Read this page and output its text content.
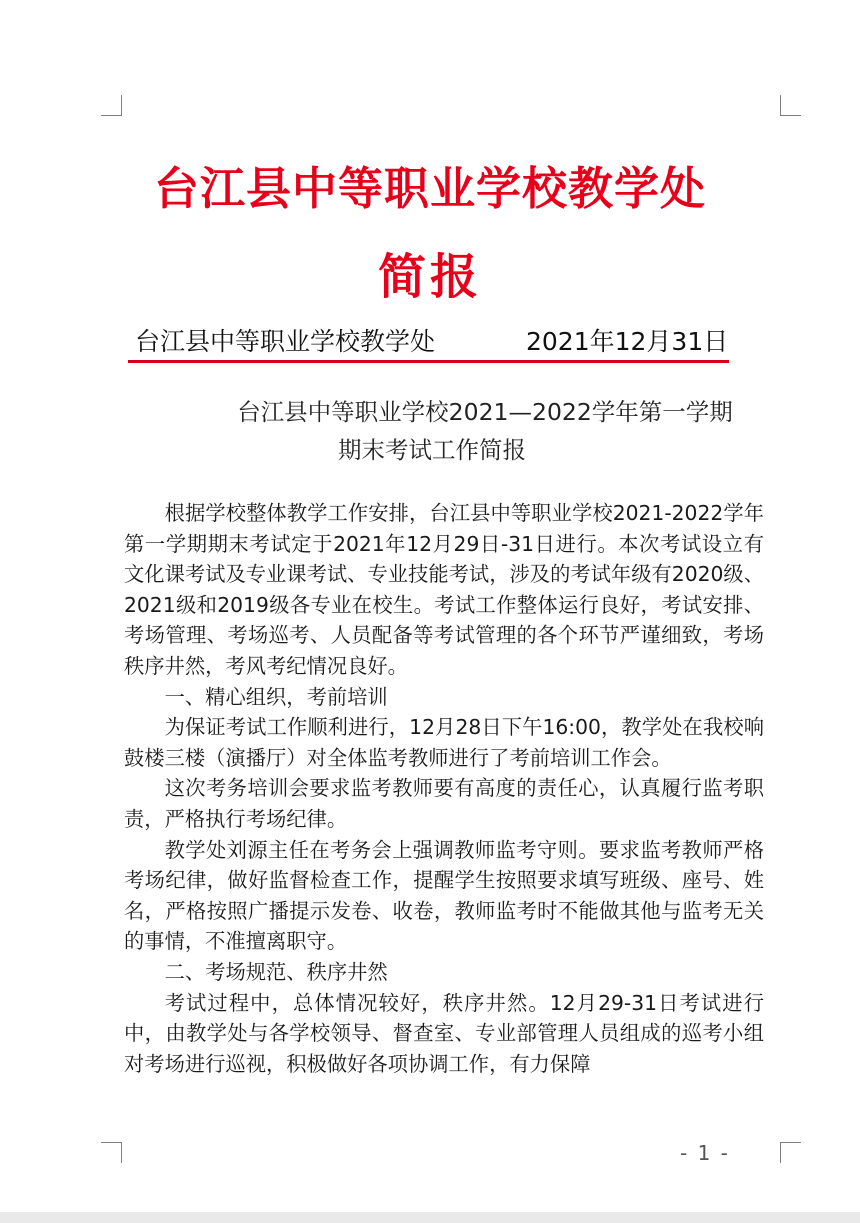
台江县中等职业学校教学处
简报
台江县中等职业学校教学处	2021年12月31日
台江县中等职业学校2021—2022学年第一学期
期末考试工作简报

根据学校整体教学工作安排，台江县中等职业学校2021-2022学年第一学期期末考试定于2021年12月29日-31日进行。本次考试设立有文化课考试及专业课考试、专业技能考试，涉及的考试年级有2020级、2021级和2019级各专业在校生。考试工作整体运行良好，考试安排、考场管理、考场巡考、人员配备等考试管理的各个环节严谨细致，考场秩序井然，考风考纪情况良好。

一、精心组织，考前培训

为保证考试工作顺利进行，12月28日下午16:00，教学处在我校响鼓楼三楼（演播厅）对全体监考教师进行了考前培训工作会。

这次考务培训会要求监考教师要有高度的责任心，认真履行监考职责，严格执行考场纪律。

教学处刘源主任在考务会上强调教师监考守则。要求监考教师严格考场纪律，做好监督检查工作，提醒学生按照要求填写班级、座号、姓名，严格按照广播提示发卷、收卷，教师监考时不能做其他与监考无关的事情，不准擅离职守。

二、考场规范、秩序井然

考试过程中，总体情况较好，秩序井然。12月29-31日考试进行中，由教学处与各学校领导、督查室、专业部管理人员组成的巡考小组对考场进行巡视，积极做好各项协调工作，有力保障

- 1 -
